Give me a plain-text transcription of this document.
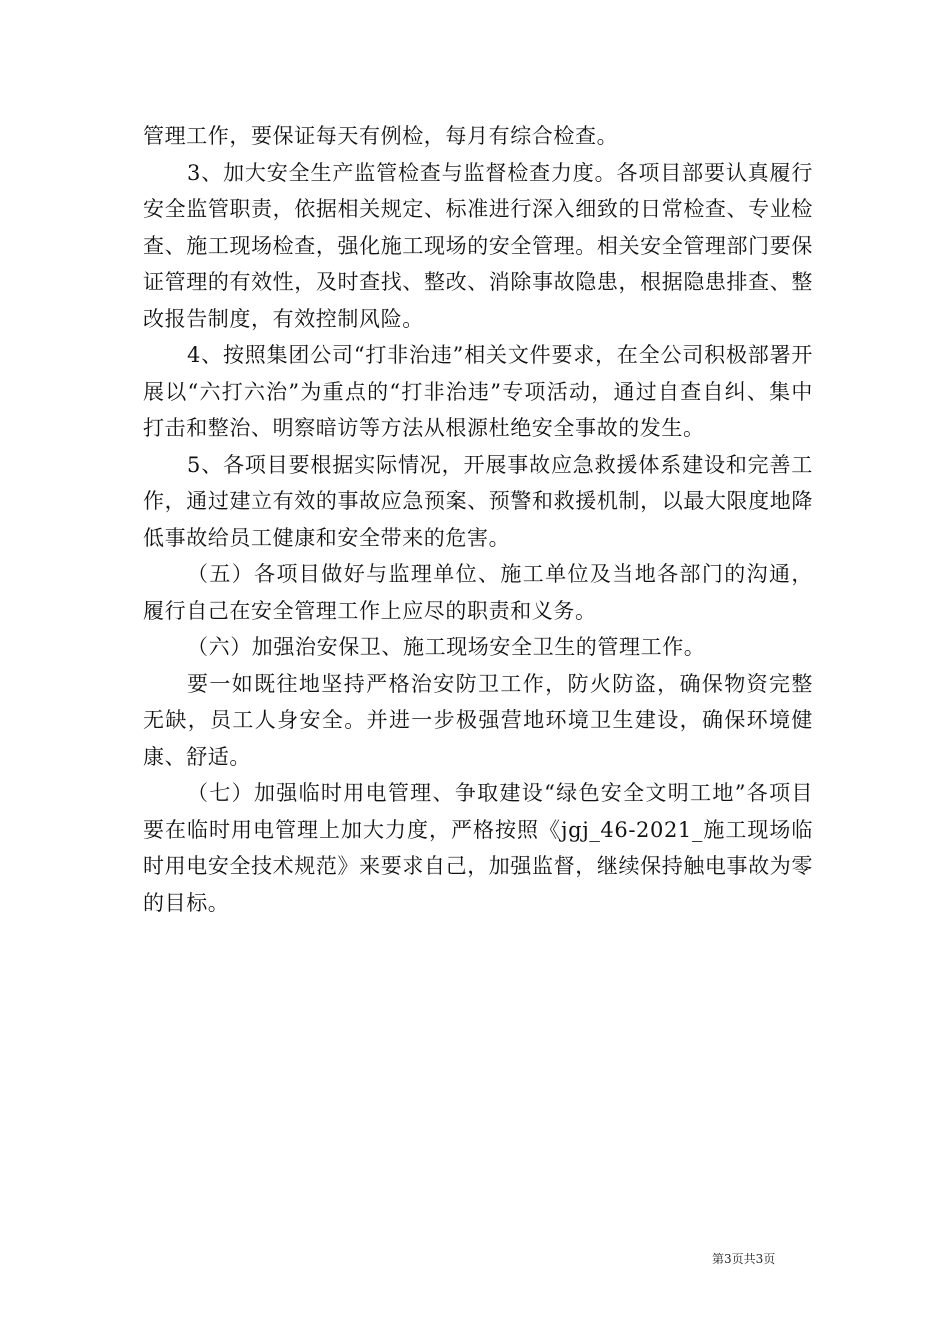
管理工作，要保证每天有例检，每月有综合检查。

3、加大安全生产监管检查与监督检查力度。各项目部要认真履行安全监管职责，依据相关规定、标准进行深入细致的日常检查、专业检查、施工现场检查，强化施工现场的安全管理。相关安全管理部门要保证管理的有效性，及时查找、整改、消除事故隐患，根据隐患排查、整改报告制度，有效控制风险。

4、按照集团公司“打非治违”相关文件要求，在全公司积极部署开展以“六打六治”为重点的“打非治违”专项活动，通过自查自纠、集中打击和整治、明察暗访等方法从根源杜绝安全事故的发生。

5、各项目要根据实际情况，开展事故应急救援体系建设和完善工作，通过建立有效的事故应急预案、预警和救援机制，以最大限度地降低事故给员工健康和安全带来的危害。

（五）各项目做好与监理单位、施工单位及当地各部门的沟通，履行自己在安全管理工作上应尽的职责和义务。

（六）加强治安保卫、施工现场安全卫生的管理工作。

要一如既往地坚持严格治安防卫工作，防火防盗，确保物资完整无缺，员工人身安全。并进一步极强营地环境卫生建设，确保环境健康、舒适。

（七）加强临时用电管理、争取建设“绿色安全文明工地”各项目要在临时用电管理上加大力度，严格按照《jgj_46-2021_施工现场临时用电安全技术规范》来要求自己，加强监督，继续保持触电事故为零的目标。

第3页共3页
